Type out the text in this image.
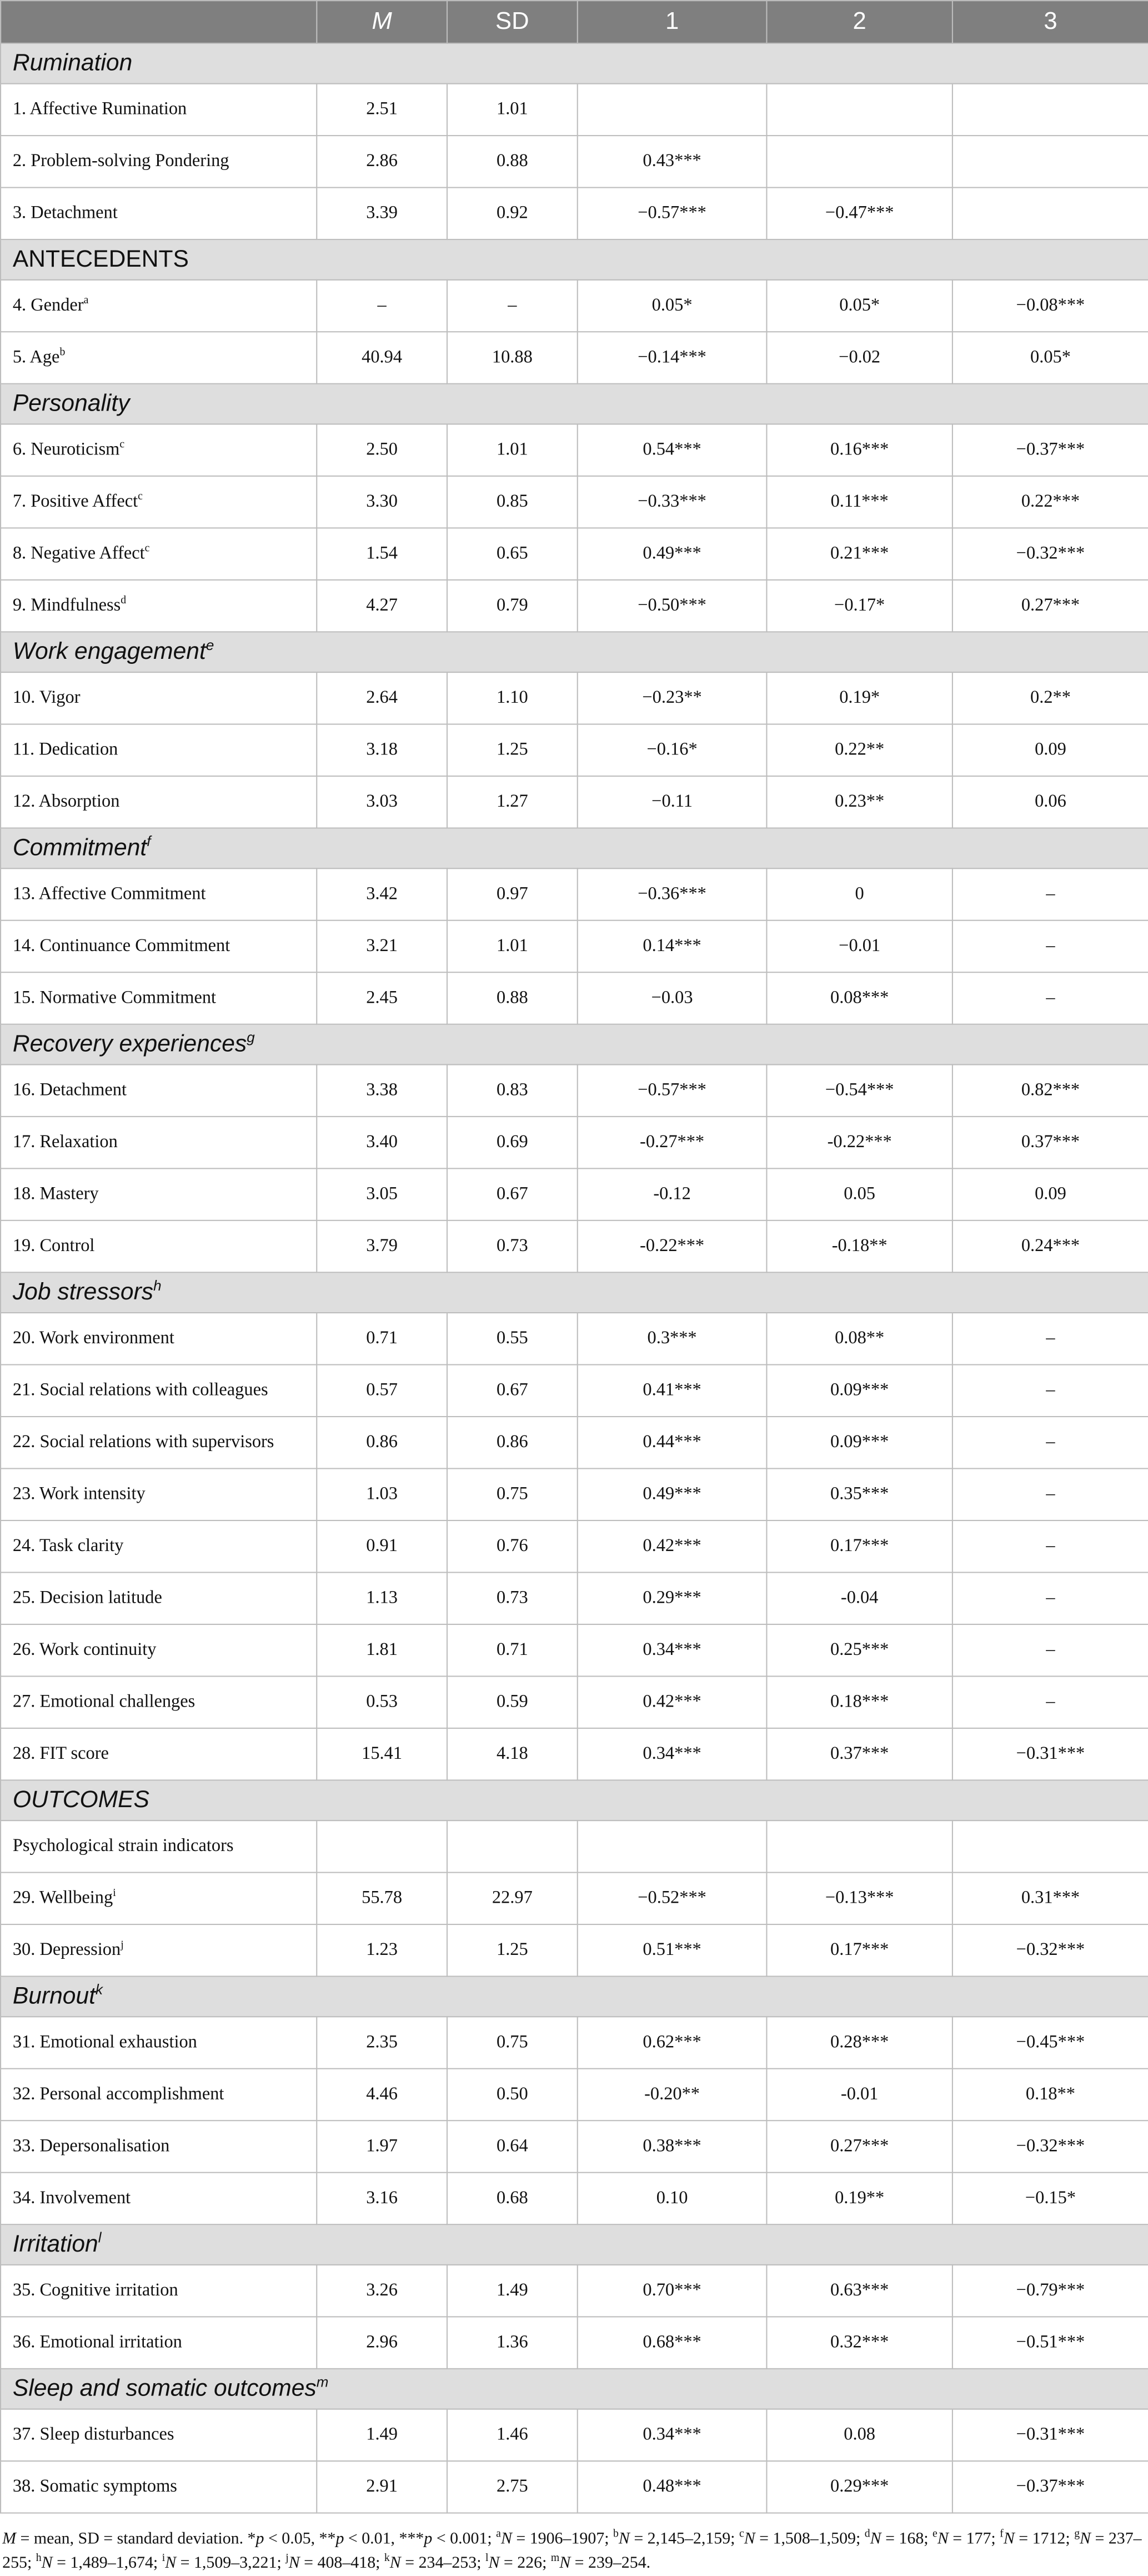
	M	SD	1	2	3
Rumination					
1. Affective Rumination	2.51	1.01			
2. Problem-solving Pondering	2.86	0.88	0.43***		
3. Detachment	3.39	0.92	−0.57***	−0.47***	
ANTECEDENTS					
4. Gender$^a$	–	–	0.05*	0.05*	−0.08***
5. Age$^b$	40.94	10.88	−0.14***	−0.02	0.05*
Personality					
6. Neuroticism$^c$	2.50	1.01	0.54***	0.16***	−0.37***
7. Positive Affect$^c$	3.30	0.85	−0.33***	0.11***	0.22***
8. Negative Affect$^c$	1.54	0.65	0.49***	0.21***	−0.32***
9. Mindfulness$^d$	4.27	0.79	−0.50***	−0.17*	0.27***
Work engagement$^e$
10. Vigor	2.64	1.10	−0.23**	0.19*	0.2**
11. Dedication	3.18	1.25	−0.16*	0.22**	0.09
12. Absorption	3.03	1.27	−0.11	0.23**	0.06
Commitment$^f$
13. Affective Commitment	3.42	0.97	−0.36***	0	–
14. Continuance Commitment	3.21	1.01	0.14***	−0.01	–
15. Normative Commitment	2.45	0.88	−0.03	0.08***	–
Recovery experiences$^g$
16. Detachment	3.38	0.83	−0.57***	−0.54***	0.82***
17. Relaxation	3.40	0.69	-0.27***	-0.22***	0.37***
18. Mastery	3.05	0.67	-0.12	0.05	0.09
19. Control	3.79	0.73	-0.22***	-0.18**	0.24***
Job stressors$^h$
20. Work environment	0.71	0.55	0.3***	0.08**	–
21. Social relations with colleagues	0.57	0.67	0.41***	0.09***	–
22. Social relations with supervisors	0.86	0.86	0.44***	0.09***	–
23. Work intensity	1.03	0.75	0.49***	0.35***	–
24. Task clarity	0.91	0.76	0.42***	0.17***	–
25. Decision latitude	1.13	0.73	0.29***	-0.04	–
26. Work continuity	1.81	0.71	0.34***	0.25***	–
27. Emotional challenges	0.53	0.59	0.42***	0.18***	–
28. FIT score	15.41	4.18	0.34***	0.37***	−0.31***
OUTCOMES					
Psychological strain indicators					
29. Wellbeing$^i$	55.78	22.97	−0.52***	−0.13***	0.31***
30. Depression$^j$	1.23	1.25	0.51***	0.17***	−0.32***
Burnout$^k$
31. Emotional exhaustion	2.35	0.75	0.62***	0.28***	−0.45***
32. Personal accomplishment	4.46	0.50	-0.20**	-0.01	0.18**
33. Depersonalisation	1.97	0.64	0.38***	0.27***	−0.32***
34. Involvement	3.16	0.68	0.10	0.19**	−0.15*
Irritation$^l$
35. Cognitive irritation	3.26	1.49	0.70***	0.63***	−0.79***
36. Emotional irritation	2.96	1.36	0.68***	0.32***	−0.51***
Sleep and somatic outcomes$^m$
37. Sleep disturbances	1.49	1.46	0.34***	0.08	−0.31***
38. Somatic symptoms	2.91	2.75	0.48***	0.29***	−0.37***
M = mean, SD = standard deviation. *p < 0.05, **p < 0.01, ***p < 0.001; $^a$N = 1906–1907; $^b$N = 2,145–2,159; $^c$N = 1,508–1,509; $^d$N = 168; $^e$N = 177; $^f$N = 1712; $^g$N = 237–255; $^h$N = 1,489–1,674; $^i$N = 1,509–3,221; $^j$N = 408–418; $^k$N = 234–253; $^l$N = 226; $^m$N = 239–254.
